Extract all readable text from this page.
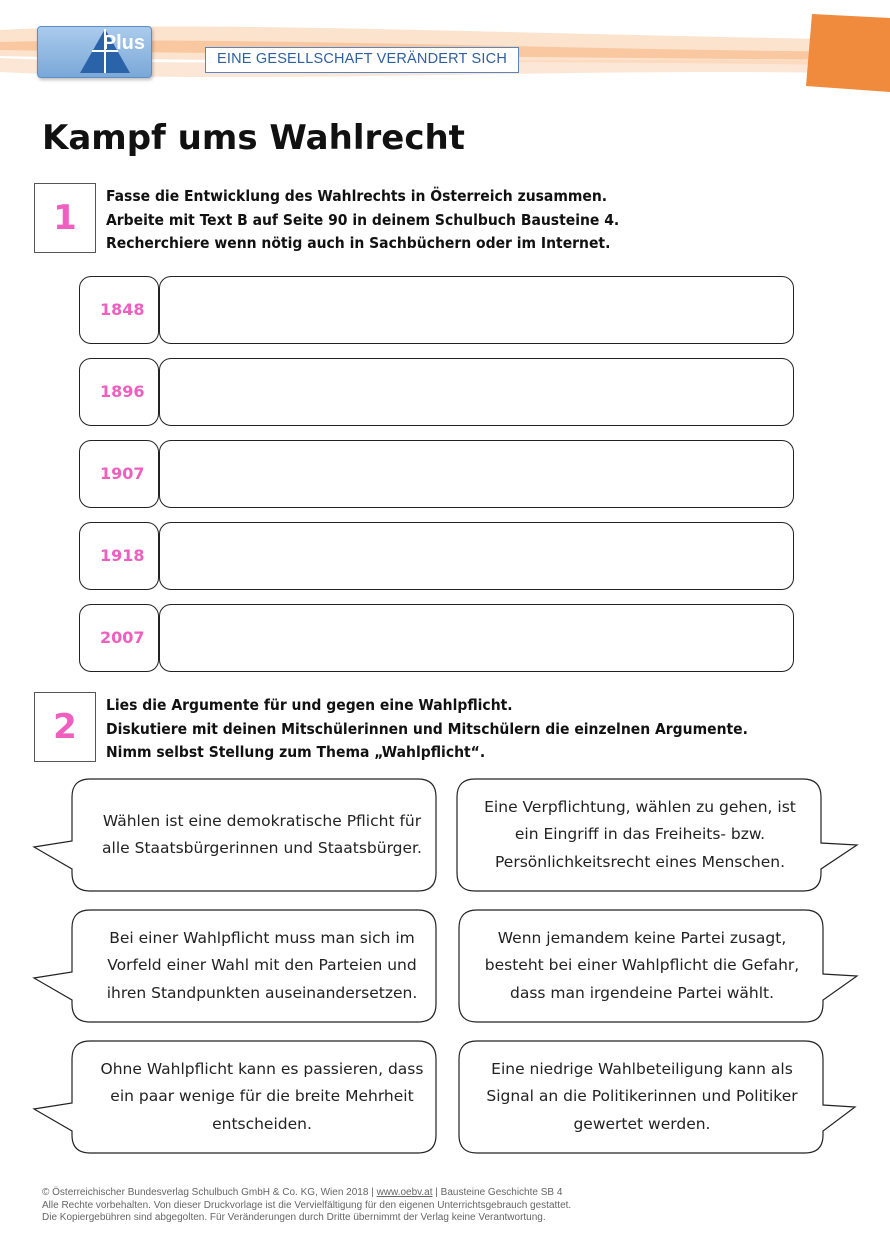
Plus
EINE GESELLSCHAFT VERÄNDERT SICH
Kampf ums Wahlrecht
1
Fasse die Entwicklung des Wahlrechts in Österreich zusammen.
Arbeite mit Text B auf Seite 90 in deinem Schulbuch Bausteine 4.
Recherchiere wenn nötig auch in Sachbüchern oder im Internet.
1848
1896
1907
1918
2007
2
Lies die Argumente für und gegen eine Wahlpflicht.
Diskutiere mit deinen Mitschülerinnen und Mitschülern die einzelnen Argumente.
Nimm selbst Stellung zum Thema „Wahlpflicht“.
Wählen ist eine demokratische Pflicht für
alle Staatsbürgerinnen und Staatsbürger.
Bei einer Wahlpflicht muss man sich im
Vorfeld einer Wahl mit den Parteien und
ihren Standpunkten auseinandersetzen.
Ohne Wahlpflicht kann es passieren, dass
ein paar wenige für die breite Mehrheit
entscheiden.
Eine Verpflichtung, wählen zu gehen, ist
ein Eingriff in das Freiheits- bzw.
Persönlichkeitsrecht eines Menschen.
Wenn jemandem keine Partei zusagt,
besteht bei einer Wahlpflicht die Gefahr,
dass man irgendeine Partei wählt.
Eine niedrige Wahlbeteiligung kann als
Signal an die Politikerinnen und Politiker
gewertet werden.
© Österreichischer Bundesverlag Schulbuch GmbH & Co. KG, Wien 2018 | www.oebv.at | Bausteine Geschichte SB 4
Alle Rechte vorbehalten. Von dieser Druckvorlage ist die Vervielfältigung für den eigenen Unterrichtsgebrauch gestattet.
Die Kopiergebühren sind abgegolten. Für Veränderungen durch Dritte übernimmt der Verlag keine Verantwortung.
